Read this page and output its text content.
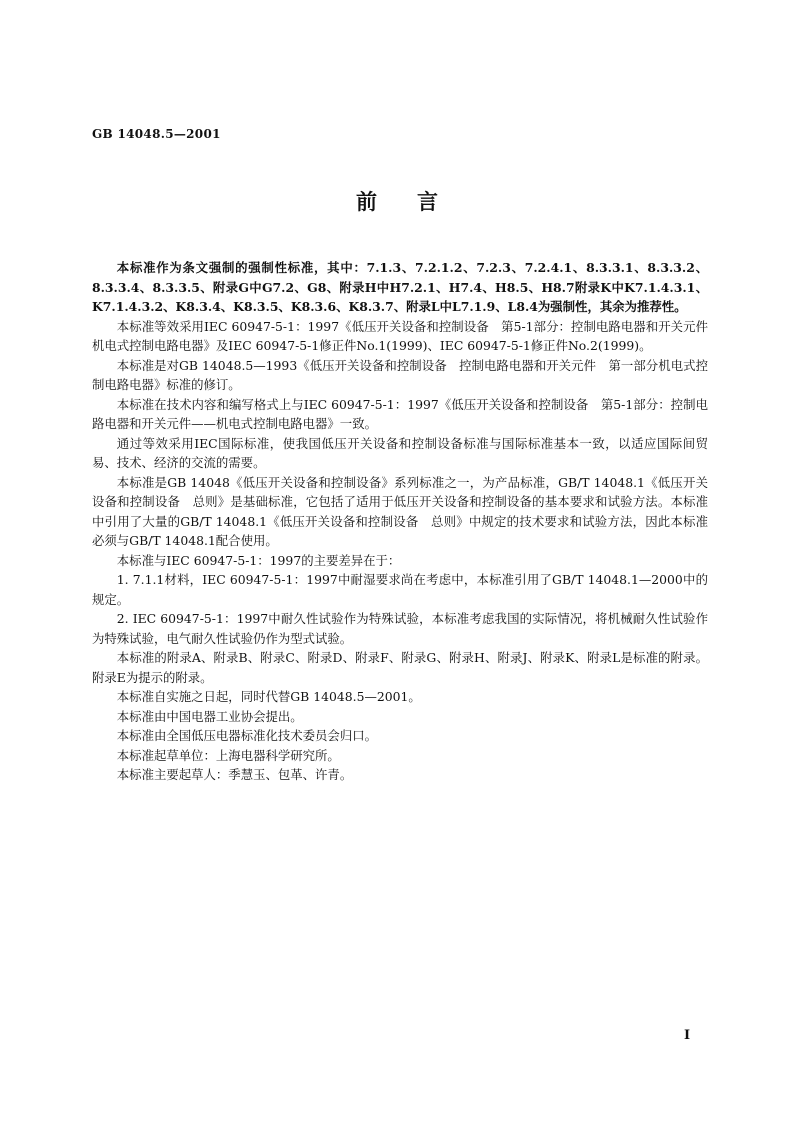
GB 14048.5—2001
前言

本标准作为条文强制的强制性标准，其中：7.1.3、7.2.1.2、7.2.3、7.2.4.1、8.3.3.1、8.3.3.2、8.3.3.4、8.3.3.5、附录G中G7.2、G8、附录H中H7.2.1、H7.4、H8.5、H8.7附录K中K7.1.4.3.1、K7.1.4.3.2、K8.3.4、K8.3.5、K8.3.6、K8.3.7、附录L中L7.1.9、L8.4为强制性，其余为推荐性。

本标准等效采用IEC 60947-5-1：1997《低压开关设备和控制设备　第5-1部分：控制电路电器和开关元件　机电式控制电路电器》及IEC 60947-5-1修正件No.1(1999)、IEC 60947-5-1修正件No.2(1999)。

本标准是对GB 14048.5—1993《低压开关设备和控制设备　控制电路电器和开关元件　第一部分机电式控制电路电器》标准的修订。

本标准在技术内容和编写格式上与IEC 60947-5-1：1997《低压开关设备和控制设备　第5-1部分：控制电路电器和开关元件——机电式控制电路电器》一致。

通过等效采用IEC国际标准，使我国低压开关设备和控制设备标准与国际标准基本一致，以适应国际间贸易、技术、经济的交流的需要。

本标准是GB 14048《低压开关设备和控制设备》系列标准之一，为产品标准，GB/T 14048.1《低压开关设备和控制设备　总则》是基础标准，它包括了适用于低压开关设备和控制设备的基本要求和试验方法。本标准中引用了大量的GB/T 14048.1《低压开关设备和控制设备　总则》中规定的技术要求和试验方法，因此本标准必须与GB/T 14048.1配合使用。

本标准与IEC 60947-5-1：1997的主要差异在于：

1. 7.1.1材料，IEC 60947-5-1：1997中耐湿要求尚在考虑中，本标准引用了GB/T 14048.1—2000中的规定。

2. IEC 60947-5-1：1997中耐久性试验作为特殊试验，本标准考虑我国的实际情况，将机械耐久性试验作为特殊试验，电气耐久性试验仍作为型式试验。

本标准的附录A、附录B、附录C、附录D、附录F、附录G、附录H、附录J、附录K、附录L是标准的附录。附录E为提示的附录。

本标准自实施之日起，同时代替GB 14048.5—2001。

本标准由中国电器工业协会提出。

本标准由全国低压电器标准化技术委员会归口。

本标准起草单位：上海电器科学研究所。

本标准主要起草人：季慧玉、包革、许青。

I
